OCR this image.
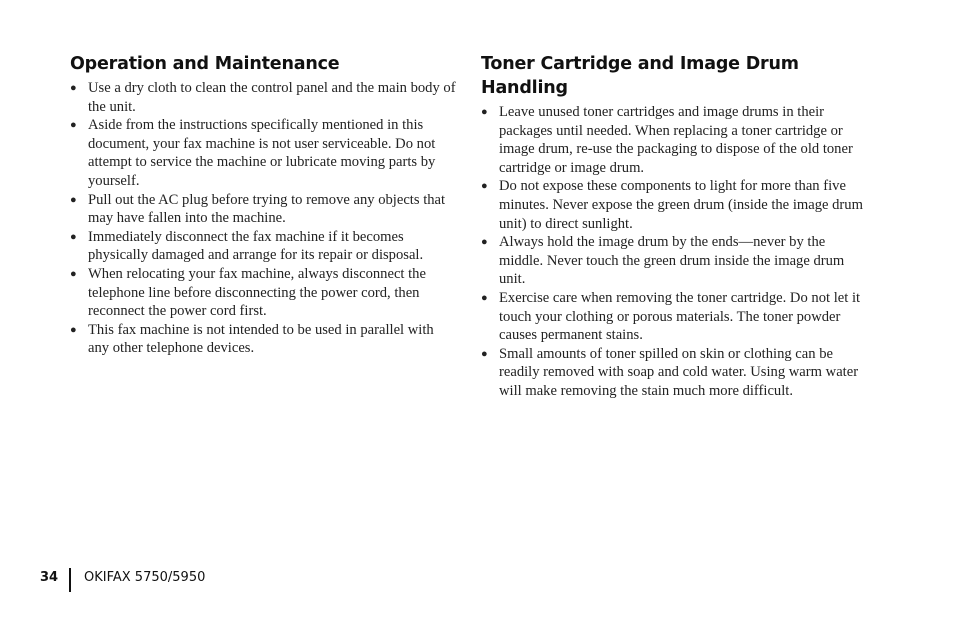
Operation and Maintenance
● Use a dry cloth to clean the control panel and the main body of the unit.
● Aside from the instructions specifically mentioned in this document, your fax machine is not user serviceable. Do not attempt to service the machine or lubricate moving parts by yourself.
● Pull out the AC plug before trying to remove any objects that may have fallen into the machine.
● Immediately disconnect the fax machine if it becomes physically damaged and arrange for its repair or disposal.
● When relocating your fax machine, always disconnect the telephone line before disconnecting the power cord, then reconnect the power cord first.
● This fax machine is not intended to be used in parallel with any other telephone devices.
Toner Cartridge and Image Drum Handling
● Leave unused toner cartridges and image drums in their packages until needed. When replacing a toner cartridge or image drum, re-use the packaging to dispose of the old toner cartridge or image drum.
● Do not expose these components to light for more than five minutes. Never expose the green drum (inside the image drum unit) to direct sunlight.
● Always hold the image drum by the ends—never by the middle. Never touch the green drum inside the image drum unit.
● Exercise care when removing the toner cartridge. Do not let it touch your clothing or porous materials. The toner powder causes permanent stains.
● Small amounts of toner spilled on skin or clothing can be readily removed with soap and cold water. Using warm water will make removing the stain much more difficult.
34 OKIFAX 5750/5950
